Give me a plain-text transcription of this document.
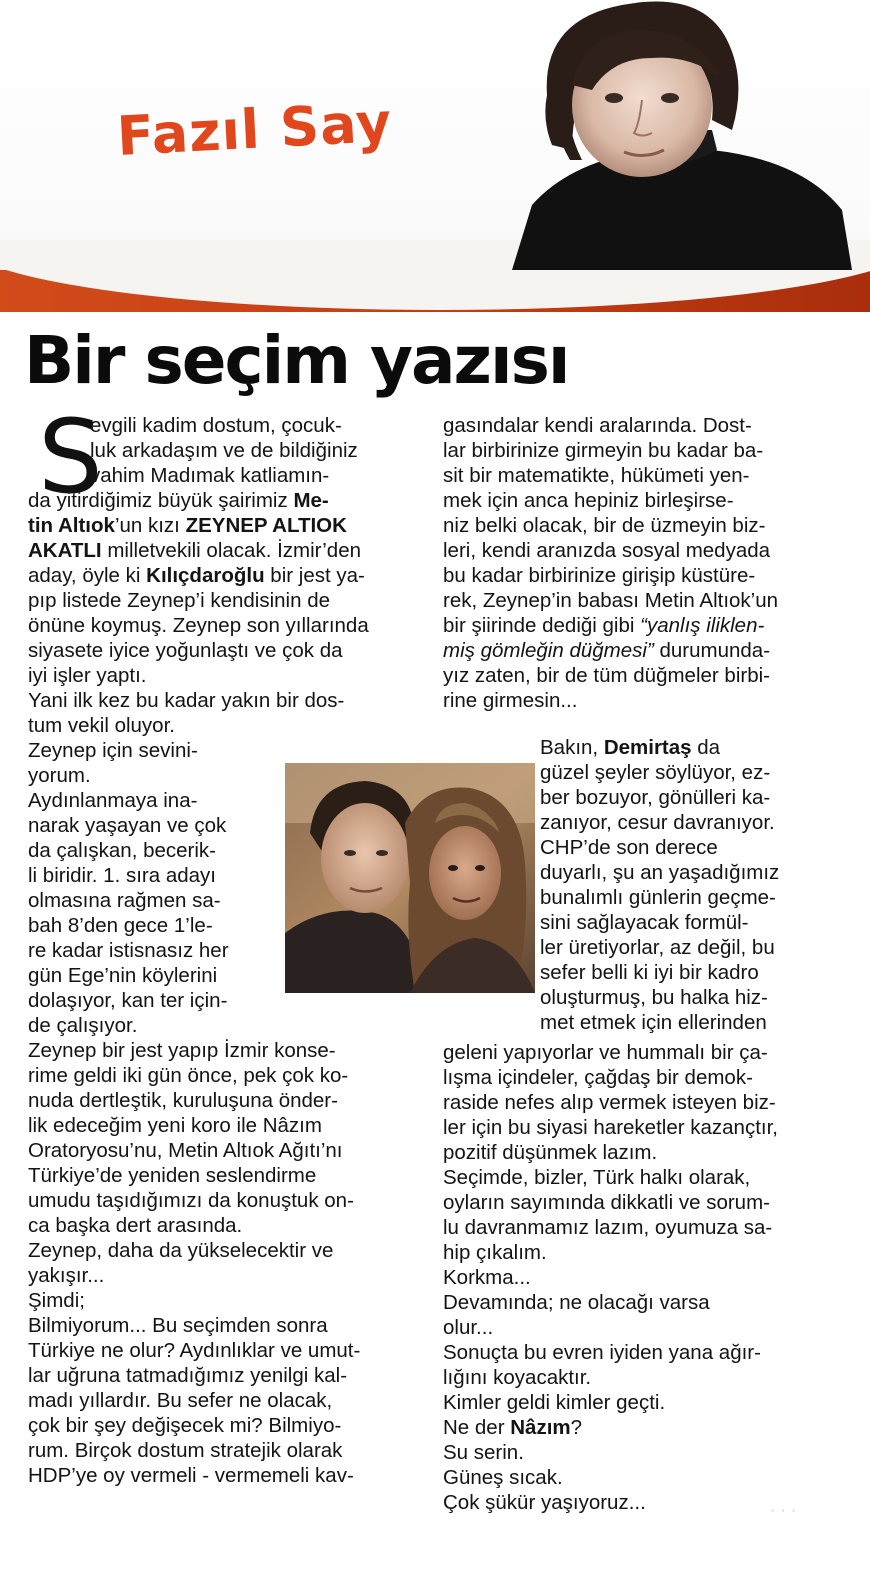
Fazıl Say
Bir seçim yazısı
S
evgili kadim dostum, çocuk-
luk arkadaşım ve de bildiğiniz
vahim Madımak katliamın-
da yitirdiğimiz büyük şairimiz Me-
tin Altıok’un kızı ZEYNEP ALTIOK
AKATLI milletvekili olacak. İzmir’den
aday, öyle ki Kılıçdaroğlu bir jest ya-
pıp listede Zeynep’i kendisinin de
önüne koymuş. Zeynep son yıllarında
siyasete iyice yoğunlaştı ve çok da
iyi işler yaptı.
Yani ilk kez bu kadar yakın bir dos-
tum vekil oluyor.
Zeynep için sevini-
yorum.
Aydınlanmaya ina-
narak yaşayan ve çok
da çalışkan, becerik-
li biridir. 1. sıra adayı
olmasına rağmen sa-
bah 8’den gece 1’le-
re kadar istisnasız her
gün Ege’nin köylerini
dolaşıyor, kan ter için-
de çalışıyor.
Zeynep bir jest yapıp İzmir konse-
rime geldi iki gün önce, pek çok ko-
nuda dertleştik, kuruluşuna önder-
lik edeceğim yeni koro ile Nâzım
Oratoryosu’nu, Metin Altıok Ağıtı’nı
Türkiye’de yeniden seslendirme
umudu taşıdığımızı da konuştuk on-
ca başka dert arasında.
Zeynep, daha da yükselecektir ve
yakışır...
Şimdi;
Bilmiyorum... Bu seçimden sonra
Türkiye ne olur? Aydınlıklar ve umut-
lar uğruna tatmadığımız yenilgi kal-
madı yıllardır. Bu sefer ne olacak,
çok bir şey değişecek mi? Bilmiyo-
rum. Birçok dostum stratejik olarak
HDP’ye oy vermeli - vermemeli kav-
gasındalar kendi aralarında. Dost-
lar birbirinize girmeyin bu kadar ba-
sit bir matematikte, hükümeti yen-
mek için anca hepiniz birleşirse-
niz belki olacak, bir de üzmeyin biz-
leri, kendi aranızda sosyal medyada
bu kadar birbirinize girişip küstüre-
rek, Zeynep’in babası Metin Altıok’un
bir şiirinde dediği gibi “yanlış iliklen-
miş gömleğin düğmesi” durumunda-
yız zaten, bir de tüm düğmeler birbi-
rine girmesin...
Bakın, Demirtaş da
güzel şeyler söylüyor, ez-
ber bozuyor, gönülleri ka-
zanıyor, cesur davranıyor.
CHP’de son derece
duyarlı, şu an yaşadığımız
bunalımlı günlerin geçme-
sini sağlayacak formül-
ler üretiyorlar, az değil, bu
sefer belli ki iyi bir kadro
oluşturmuş, bu halka hiz-
met etmek için ellerinden
geleni yapıyorlar ve hummalı bir ça-
lışma içindeler, çağdaş bir demok-
raside nefes alıp vermek isteyen biz-
ler için bu siyasi hareketler kazançtır,
pozitif düşünmek lazım.
Seçimde, bizler, Türk halkı olarak,
oyların sayımında dikkatli ve sorum-
lu davranmamız lazım, oyumuza sa-
hip çıkalım.
Korkma...
Devamında; ne olacağı varsa
olur...
Sonuçta bu evren iyiden yana ağır-
lığını koyacaktır.
Kimler geldi kimler geçti.
Ne der Nâzım?
Su serin.
Güneş sıcak.
Çok şükür yaşıyoruz...	· · ·
